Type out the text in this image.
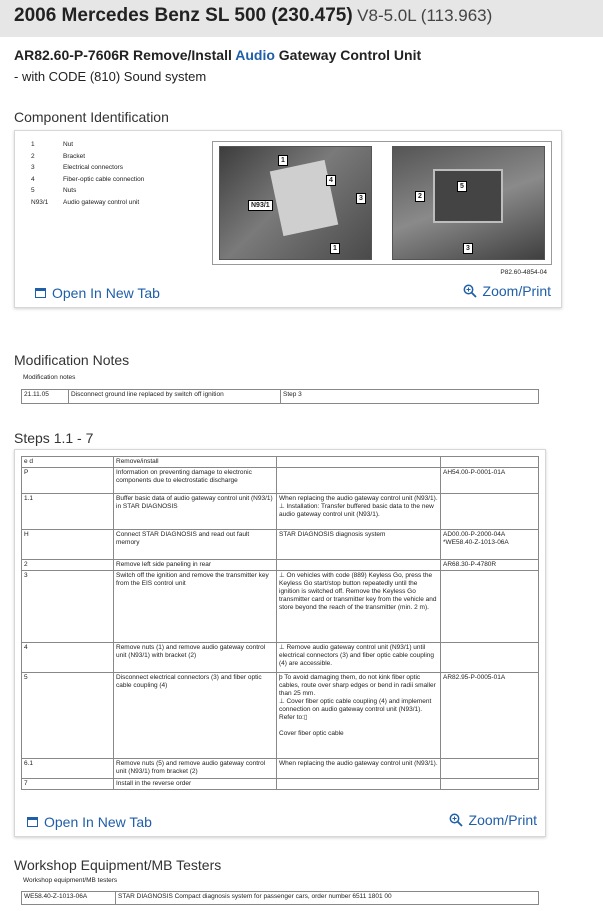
2006 Mercedes Benz SL 500 (230.475) V8-5.0L (113.963)
AR82.60-P-7606R Remove/Install Audio Gateway Control Unit
- with CODE (810) Sound system
Component Identification
1	Nut
2	Bracket
3	Electrical connectors
4	Fiber-optic cable connection
5	Nuts
N93/1	Audio gateway control unit
1
N93/1
4
3
1
2
5
3
P82.60-4854-04
Open In New Tab	Zoom/Print
Modification Notes
Modification notes
21.11.05	Disconnect ground line replaced by switch off ignition	Step 3
Steps 1.1 - 7
e d	Remove/install		
P	Information on preventing damage to electronic components due to electrostatic discharge		AH54.00-P-0001-01A
1.1	Buffer basic data of audio gateway control unit (N93/1) in STAR DIAGNOSIS	When replacing the audio gateway control unit (N93/1).
⊥ Installation: Transfer buffered basic data to the new audio gateway control unit (N93/1).	
H	Connect STAR DIAGNOSIS and read out fault memory	STAR DIAGNOSIS diagnosis system	AD00.00-P-2000-04A
*WE58.40-Z-1013-06A
2	Remove left side paneling in rear		AR68.30-P-4780R
3	Switch off the ignition and remove the transmitter key from the EIS control unit	⊥ On vehicles with code (889) Keyless Go, press the Keyless Go start/stop button repeatedly until the ignition is switched off. Remove the Keyless Go transmitter card or transmitter key from the vehicle and store beyond the reach of the transmitter (min. 2 m).	
4	Remove nuts (1) and remove audio gateway control unit (N93/1) with bracket (2)	⊥ Remove audio gateway control unit (N93/1) until electrical connectors (3) and fiber optic cable coupling (4) are accessible.	
5	Disconnect electrical connectors (3) and fiber optic cable coupling (4)	þ To avoid damaging them, do not kink fiber optic cables, route over sharp edges or bend in radii smaller than 25 mm.
⊥ Cover fiber optic cable coupling (4) and implement connection on audio gateway control unit (N93/1).
Refer to:▯

Cover fiber optic cable	AR82.95-P-0005-01A
6.1	Remove nuts (5) and remove audio gateway control unit (N93/1) from bracket (2)	When replacing the audio gateway control unit (N93/1).	
7	Install in the reverse order		
Open In New Tab	Zoom/Print
Workshop Equipment/MB Testers
Workshop equipment/MB testers
WE58.40-Z-1013-06A	STAR DIAGNOSIS Compact diagnosis system for passenger cars, order number 6511 1801 00
